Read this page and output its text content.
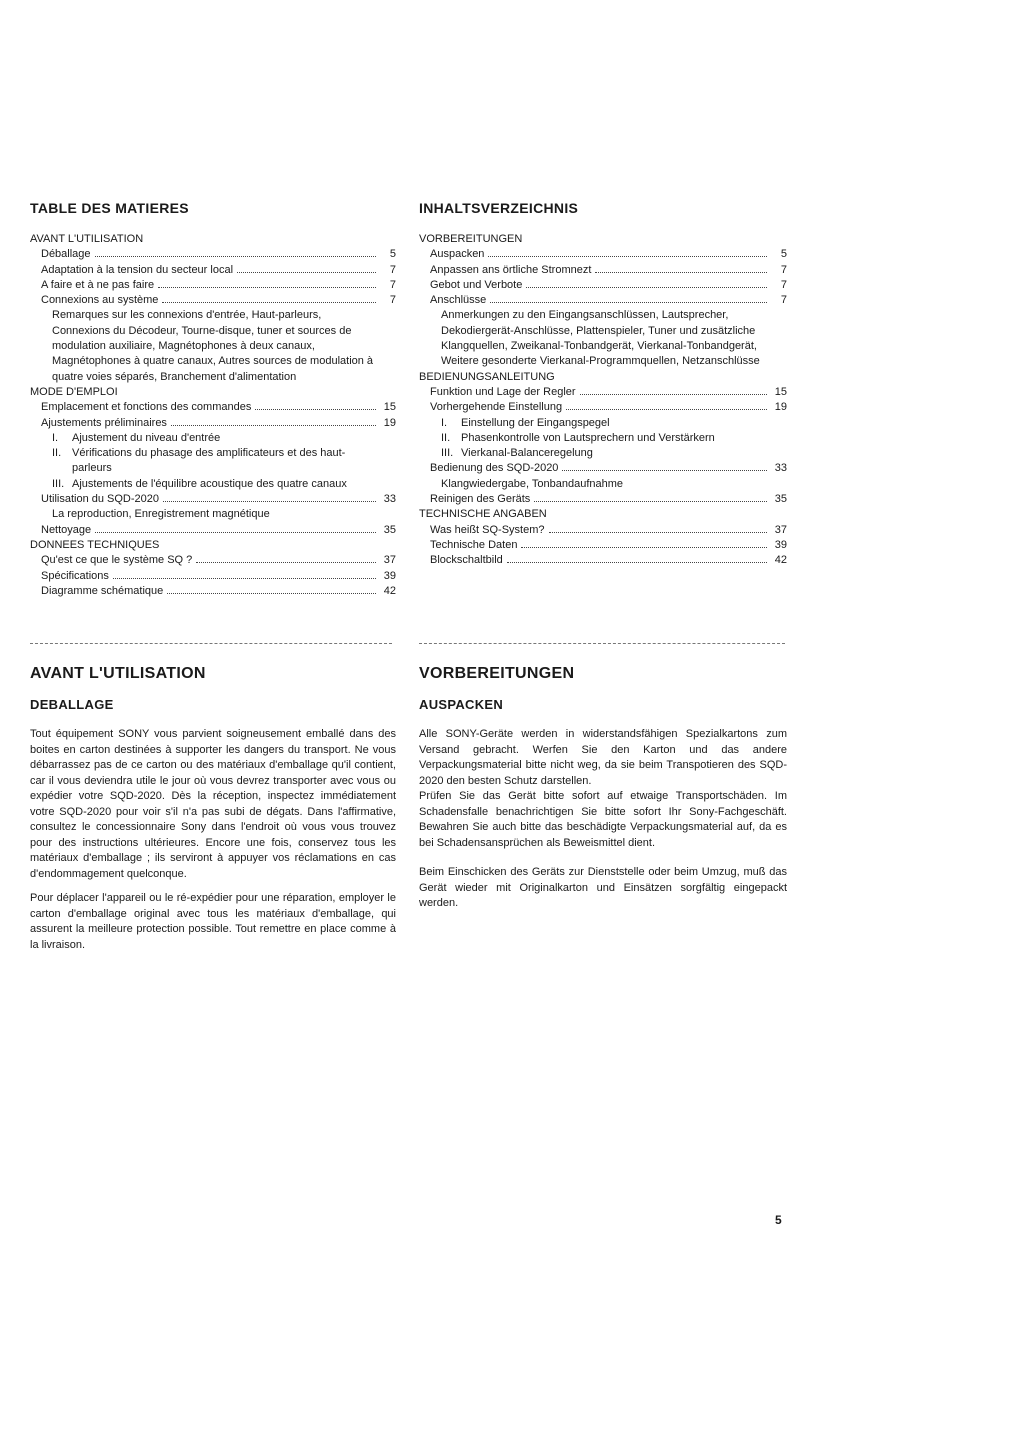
TABLE DES MATIERES
AVANT L'UTILISATION
Déballage	5
Adaptation à la tension du secteur local	7
A faire et à ne pas faire	7
Connexions au système	7
Remarques sur les connexions d'entrée, Haut-parleurs, Connexions du Décodeur, Tourne-disque, tuner et sources de modulation auxiliaire, Magnétophones à deux canaux, Magnétophones à quatre canaux, Autres sources de modulation à quatre voies séparés, Branchement d'alimentation
MODE D'EMPLOI
Emplacement et fonctions des commandes	15
Ajustements préliminaires	19
I.	Ajustement du niveau d'entrée
II. Vérifications du phasage des amplificateurs et des haut-parleurs
III. Ajustements de l'équilibre acoustique des quatre canaux
Utilisation du SQD-2020	33
La reproduction, Enregistrement magnétique
Nettoyage	35
DONNEES TECHNIQUES
Qu'est ce que le système SQ ?	37
Spécifications	39
Diagramme schématique	42
INHALTSVERZEICHNIS
VORBEREITUNGEN
Auspacken	5
Anpassen ans örtliche Stromnezt	7
Gebot und Verbote	7
Anschlüsse	7
Anmerkungen zu den Eingangsanschlüssen, Lautsprecher, Dekodiergerät-Anschlüsse, Plattenspieler, Tuner und zusätzliche Klangquellen, Zweikanal-Tonbandgerät, Vierkanal-Tonbandgerät, Weitere gesonderte Vierkanal-Programmquellen, Netzanschlüsse
BEDIENUNGSANLEITUNG
Funktion und Lage der Regler	15
Vorhergehende Einstellung	19
I.	Einstellung der Eingangspegel
II. Phasenkontrolle von Lautsprechern und Verstärkern
III. Vierkanal-Balanceregelung
Bedienung des SQD-2020	33
Klangwiedergabe, Tonbandaufnahme
Reinigen des Geräts	35
TECHNISCHE ANGABEN
Was heißt SQ-System?	37
Technische Daten	39
Blockschaltbild	42
AVANT L'UTILISATION
DEBALLAGE

Tout équipement SONY vous parvient soigneusement emballé dans des boites en carton destinées à supporter les dangers du transport. Ne vous débarrassez pas de ce carton ou des matériaux d'emballage qu'il contient, car il vous deviendra utile le jour où vous devrez transporter avec vous ou expédier votre SQD-2020. Dès la réception, inspectez immédiatement votre SQD-2020 pour voir s'il n'a pas subi de dégats. Dans l'affirmative, consultez le concessionnaire Sony dans l'endroit où vous vous trouvez pour des instructions ultérieures. Encore une fois, conservez tous les matériaux d'emballage ; ils serviront à appuyer vos réclamations en cas d'endommagement quelconque.

Pour déplacer l'appareil ou le ré-expédier pour une réparation, employer le carton d'emballage original avec tous les matériaux d'emballage, qui assurent la meilleure protection possible. Tout remettre en place comme à la livraison.

VORBEREITUNGEN
AUSPACKEN

Alle SONY-Geräte werden in widerstandsfähigen Spezialkartons zum Versand gebracht. Werfen Sie den Karton und das andere Verpackungsmaterial bitte nicht weg, da sie beim Transpotieren des SQD-2020 den besten Schutz darstellen.

Prüfen Sie das Gerät bitte sofort auf etwaige Transportschäden. Im Schadensfalle benachrichtigen Sie bitte sofort Ihr Sony-Fachgeschäft. Bewahren Sie auch bitte das beschädigte Verpackungsmaterial auf, da es bei Schadensansprüchen als Beweismittel dient.

Beim Einschicken des Geräts zur Dienststelle oder beim Umzug, muß das Gerät wieder mit Originalkarton und Einsätzen sorgfältig eingepackt werden.

5
